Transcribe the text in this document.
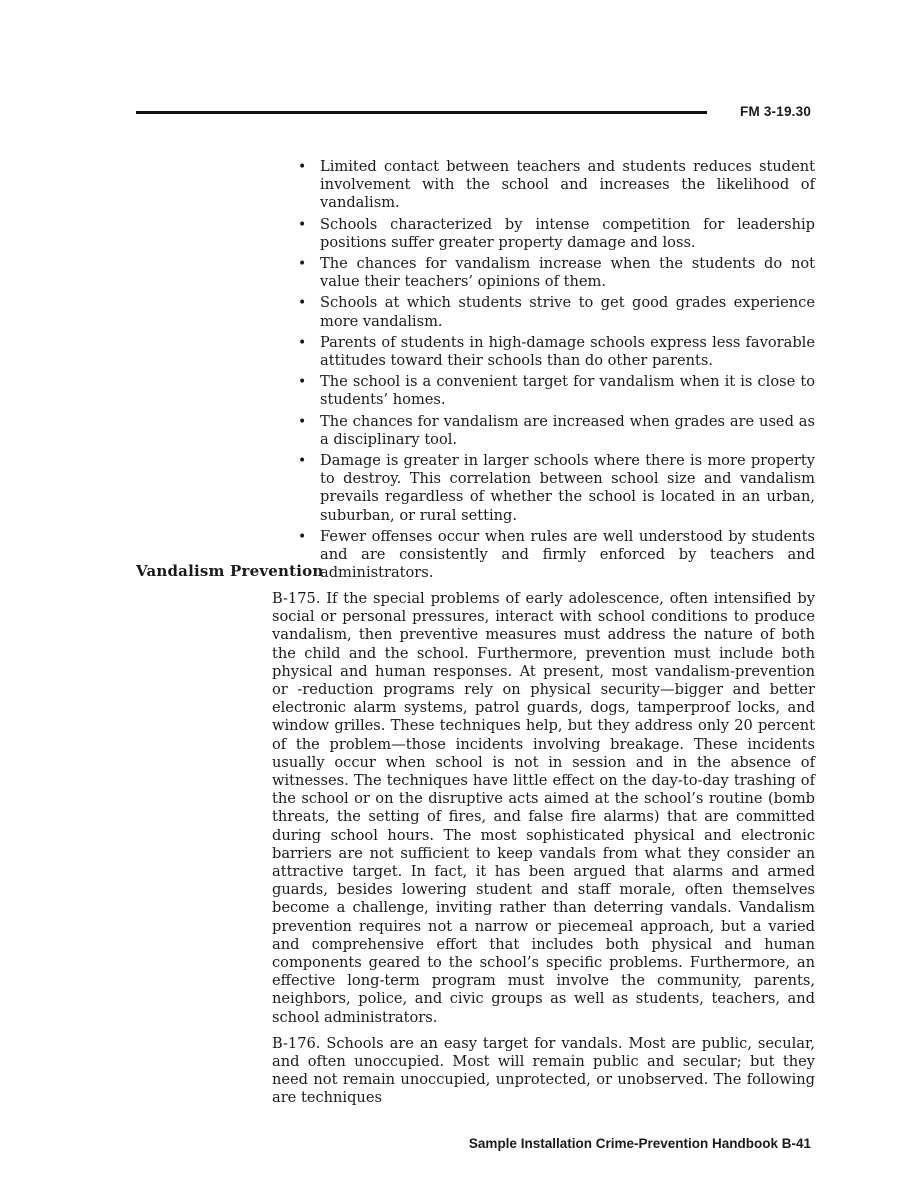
FM 3-19.30
• Limited contact between teachers and students reduces student involvement with the school and increases the likelihood of vandalism.
• Schools characterized by intense competition for leadership positions suffer greater property damage and loss.
• The chances for vandalism increase when the students do not value their teachers’ opinions of them.
• Schools at which students strive to get good grades experience more vandalism.
• Parents of students in high-damage schools express less favorable attitudes toward their schools than do other parents.
• The school is a convenient target for vandalism when it is close to students’ homes.
• The chances for vandalism are increased when grades are used as a disciplinary tool.
• Damage is greater in larger schools where there is more property to destroy. This correlation between school size and vandalism prevails regardless of whether the school is located in an urban, suburban, or rural setting.
• Fewer offenses occur when rules are well understood by students and are consistently and firmly enforced by teachers and administrators.
Vandalism Prevention

B-175. If the special problems of early adolescence, often intensified by social or personal pressures, interact with school conditions to produce vandalism, then preventive measures must address the nature of both the child and the school. Furthermore, prevention must include both physical and human responses. At present, most vandalism-prevention or -reduction programs rely on physical security—bigger and better electronic alarm systems, patrol guards, dogs, tamperproof locks, and window grilles. These techniques help, but they address only 20 percent of the problem—those incidents involving breakage. These incidents usually occur when school is not in session and in the absence of witnesses. The techniques have little effect on the day-to-day trashing of the school or on the disruptive acts aimed at the school’s routine (bomb threats, the setting of fires, and false fire alarms) that are committed during school hours. The most sophisticated physical and electronic barriers are not sufficient to keep vandals from what they consider an attractive target. In fact, it has been argued that alarms and armed guards, besides lowering student and staff morale, often themselves become a challenge, inviting rather than deterring vandals. Vandalism prevention requires not a narrow or piecemeal approach, but a varied and comprehensive effort that includes both physical and human components geared to the school’s specific problems. Furthermore, an effective long-term program must involve the community, parents, neighbors, police, and civic groups as well as students, teachers, and school administrators.

B-176. Schools are an easy target for vandals. Most are public, secular, and often unoccupied. Most will remain public and secular; but they need not remain unoccupied, unprotected, or unobserved. The following are techniques

Sample Installation Crime-Prevention Handbook B-41
